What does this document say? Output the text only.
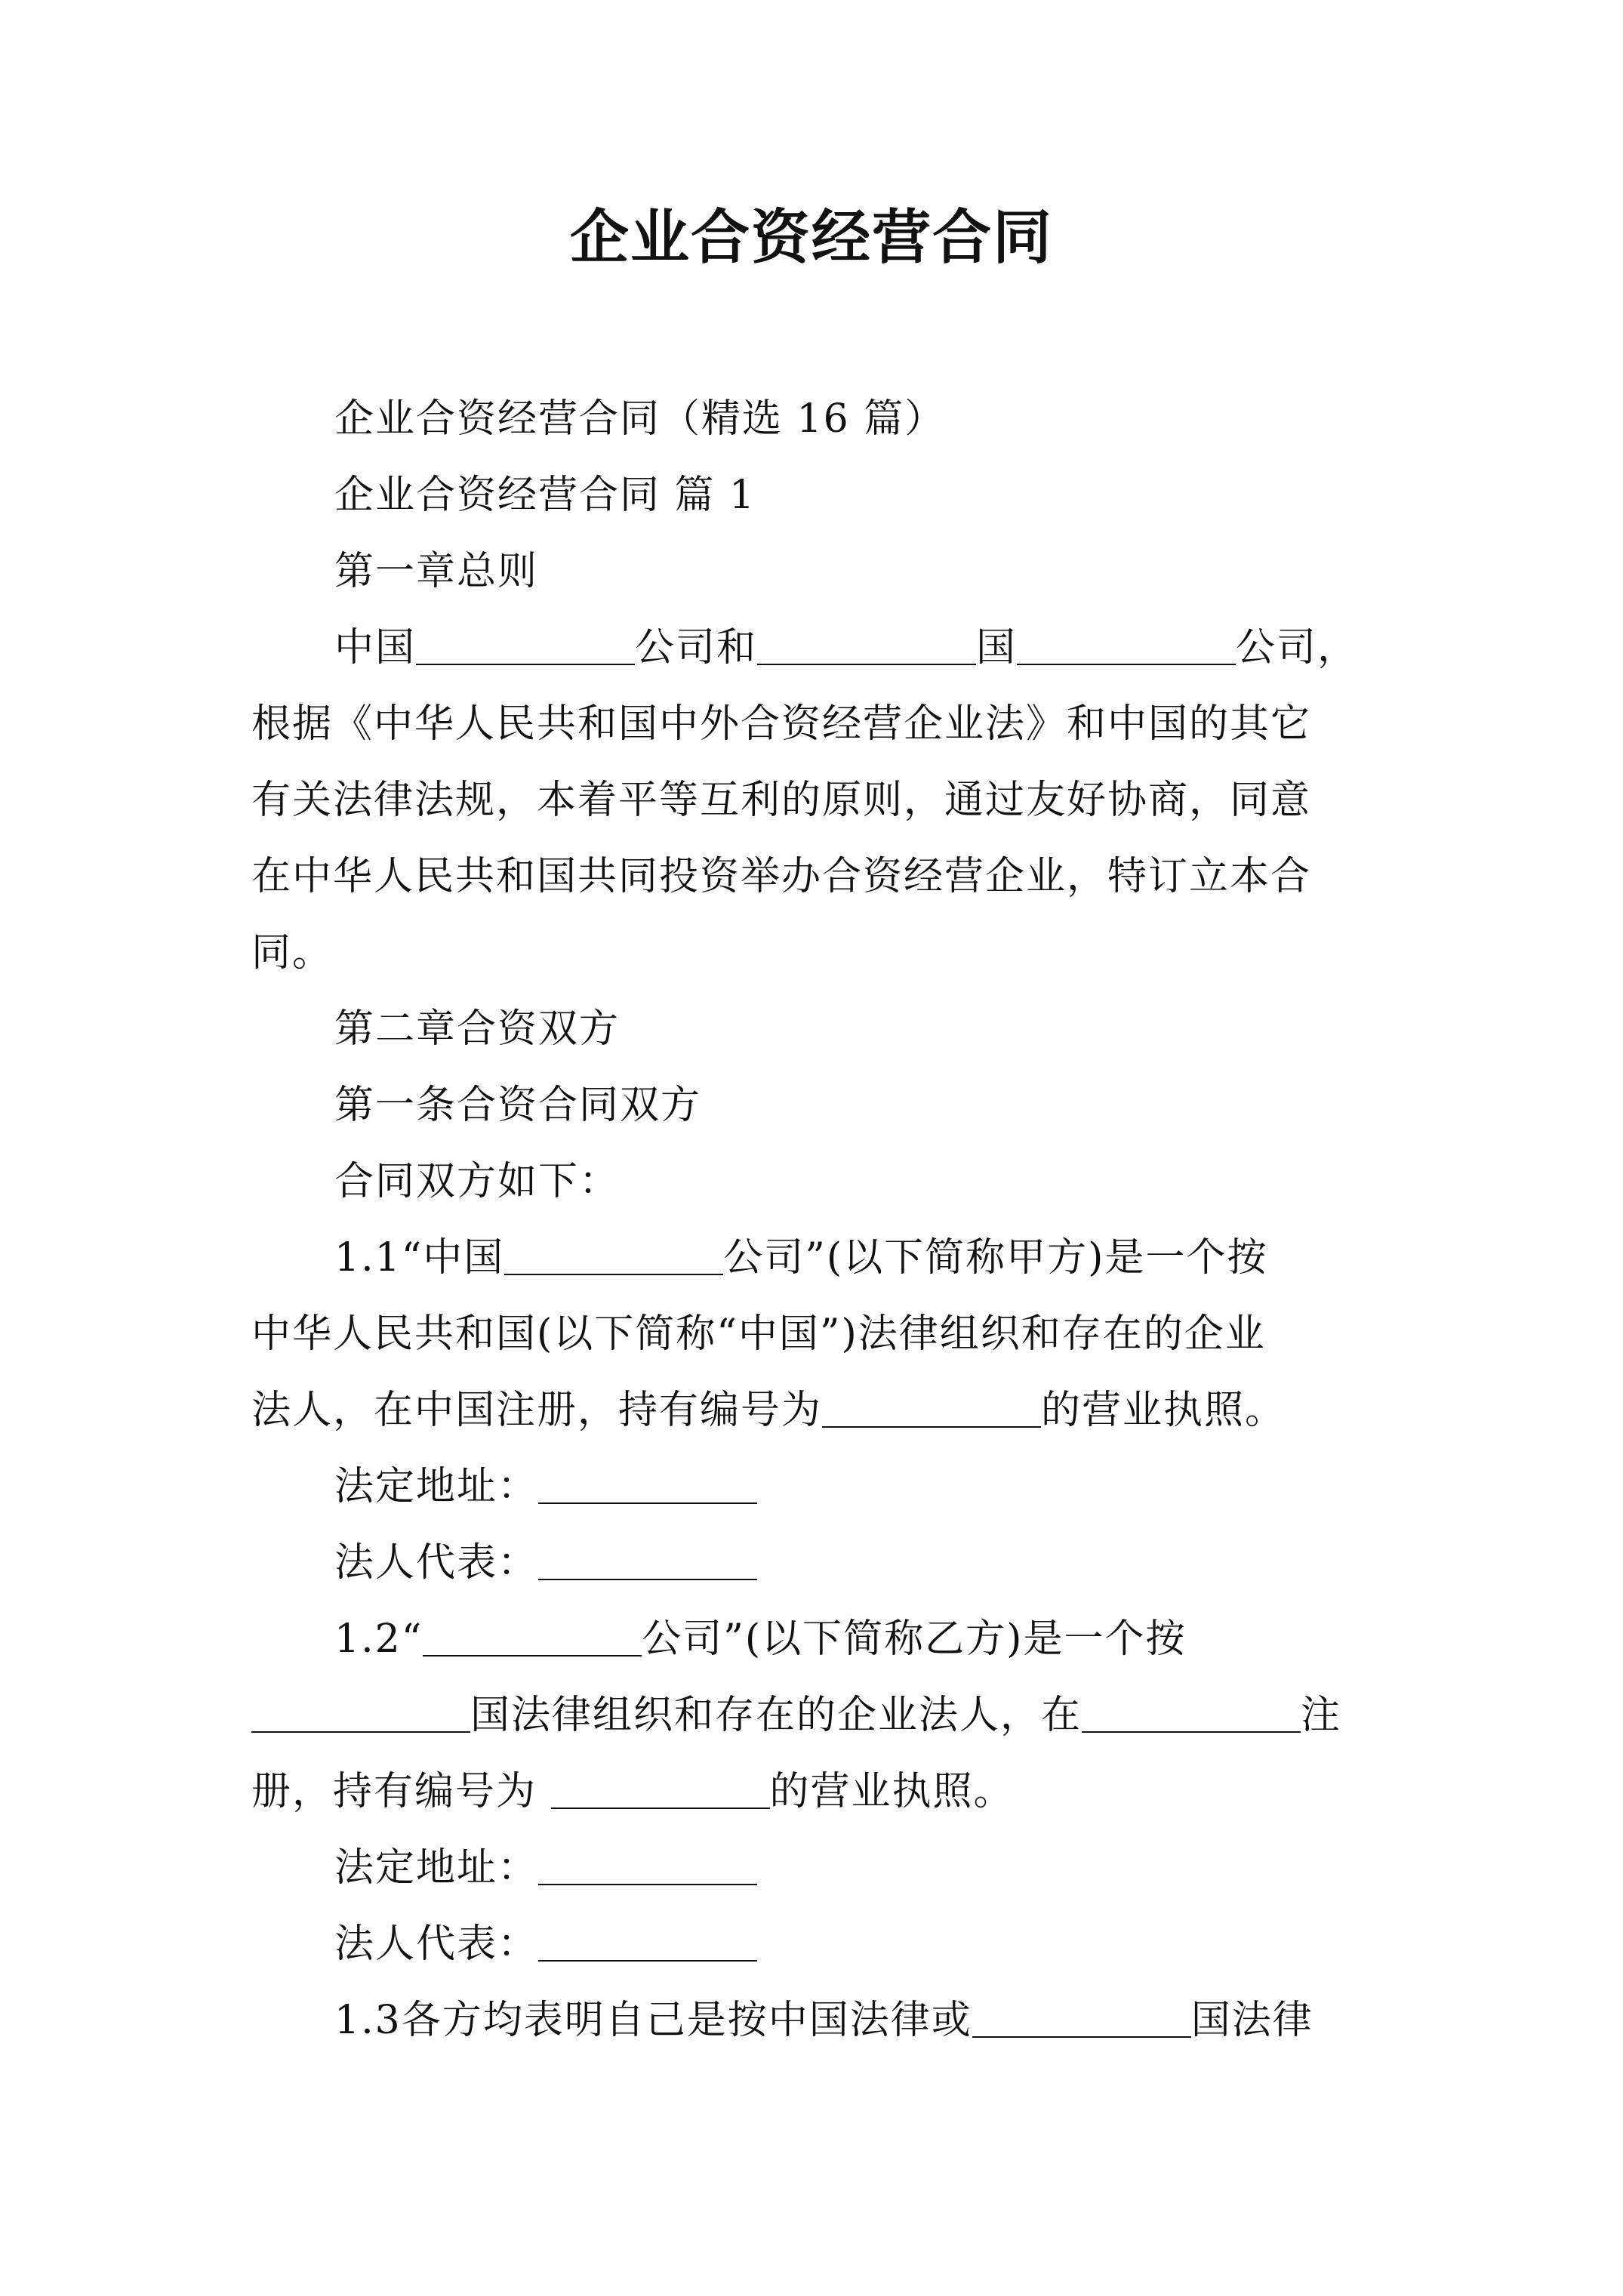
企业合资经营合同

企业合资经营合同（精选 16 篇）

企业合资经营合同 篇 1

第一章总则

中国	公司和	国	公司，

根据《中华人民共和国中外合资经营企业法》和中国的其它

有关法律法规，本着平等互利的原则，通过友好协商，同意

在中华人民共和国共同投资举办合资经营企业，特订立本合

同。

第二章合资双方

第一条合资合同双方

合同双方如下：

1.1“中国	公司”(以下简称甲方)是一个按

中华人民共和国(以下简称“中国”)法律组织和存在的企业

法人，在中国注册，持有编号为	的营业执照。

法定地址：

法人代表：

1.2“	公司”(以下简称乙方)是一个按

国法律组织和存在的企业法人，在	注

册，持有编号为	的营业执照。

法定地址：

法人代表：

1.3各方均表明自己是按中国法律或	国法律
